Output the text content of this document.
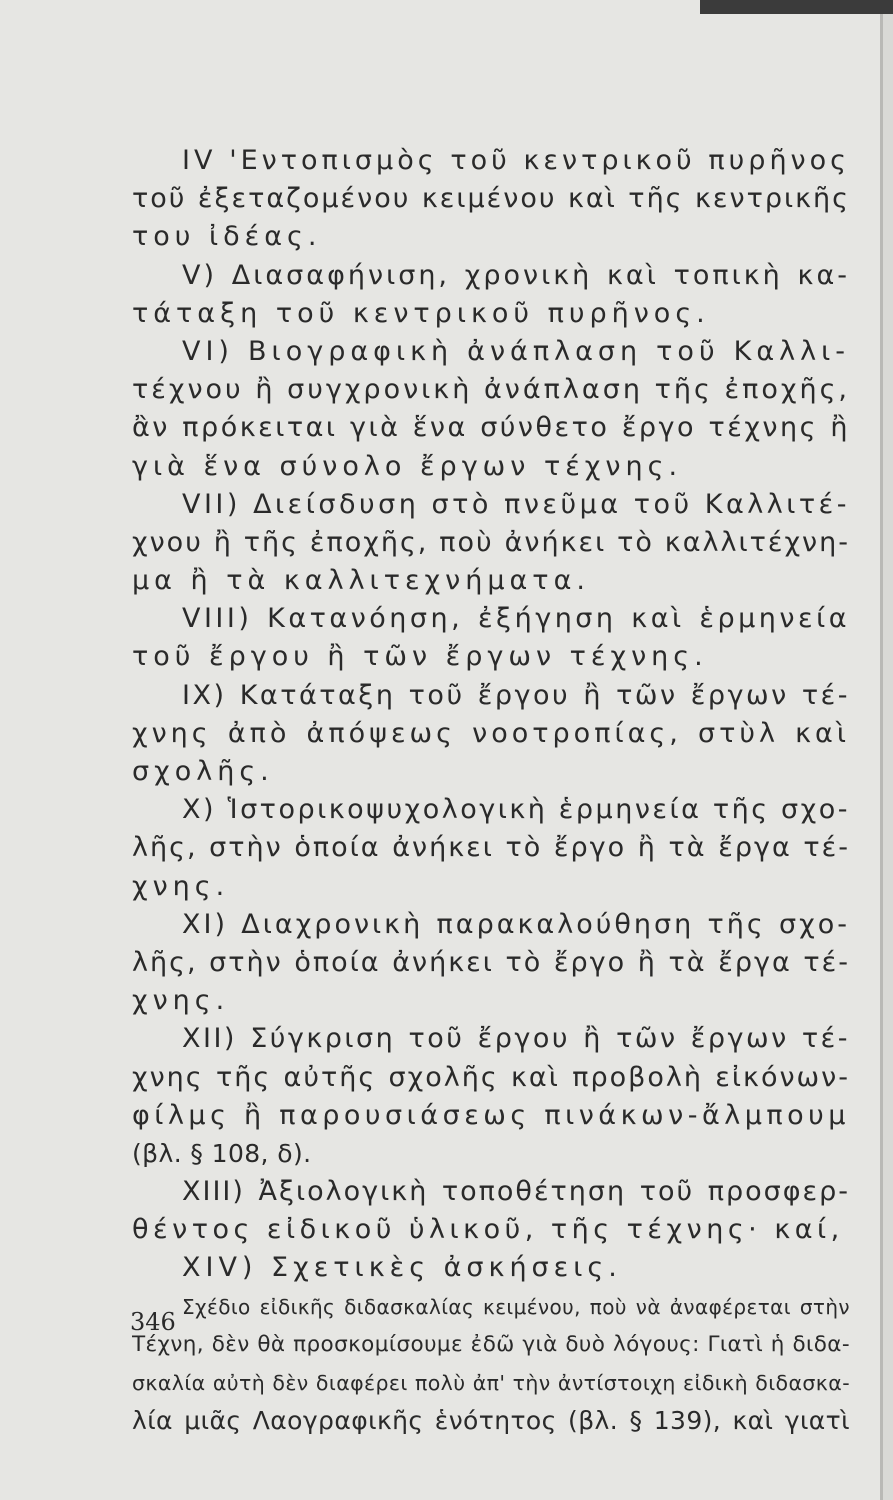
IV 'Εντοπισμὸς τοῦ κεντρικοῦ πυρῆνος
τοῦ ἐξεταζομένου κειμένου καὶ τῆς κεντρικῆς
του ἰδέας.
V) Διασαφήνιση, χρονικὴ καὶ τοπικὴ κα-
τάταξη τοῦ κεντρικοῦ πυρῆνος.
VI) Βιογραφικὴ ἀνάπλαση τοῦ Καλλι-
τέχνου ἢ συγχρονικὴ ἀνάπλαση τῆς ἐποχῆς,
ἂν πρόκειται γιὰ ἕνα σύνθετο ἔργο τέχνης ἢ
γιὰ ἕνα σύνολο ἔργων τέχνης.
VII) Διείσδυση στὸ πνεῦμα τοῦ Καλλιτέ-
χνου ἢ τῆς ἐποχῆς, ποὺ ἀνήκει τὸ καλλιτέχνη-
μα ἢ τὰ καλλιτεχνήματα.
VIII) Κατανόηση, ἐξήγηση καὶ ἑρμηνεία
τοῦ ἔργου ἢ τῶν ἔργων τέχνης.
IX) Κατάταξη τοῦ ἔργου ἢ τῶν ἔργων τέ-
χνης ἀπὸ ἀπόψεως νοοτροπίας, στὺλ καὶ
σχολῆς.
X) Ἱστορικοψυχολογικὴ ἑρμηνεία τῆς σχο-
λῆς, στὴν ὁποία ἀνήκει τὸ ἔργο ἢ τὰ ἔργα τέ-
χνης.
XI) Διαχρονικὴ παρακαλούθηση τῆς σχο-
λῆς, στὴν ὁποία ἀνήκει τὸ ἔργο ἢ τὰ ἔργα τέ-
χνης.
XII) Σύγκριση τοῦ ἔργου ἢ τῶν ἔργων τέ-
χνης τῆς αὐτῆς σχολῆς καὶ προβολὴ εἰκόνων-
φίλμς ἢ παρουσιάσεως πινάκων-ἄλμπουμ
(βλ. § 108, δ).
XIII) Ἀξιολογικὴ τοποθέτηση τοῦ προσφερ-
θέντος εἰδικοῦ ὑλικοῦ, τῆς τέχνης· καί,
XIV) Σχετικὲς ἀσκήσεις.
Σχέδιο εἰδικῆς διδασκαλίας κειμένου, ποὺ νὰ ἀναφέρεται στὴν
Τέχνη, δὲν θὰ προσκομίσουμε ἐδῶ γιὰ δυὸ λόγους: Γιατὶ ἡ διδα-
σκαλία αὐτὴ δὲν διαφέρει πολὺ ἀπ' τὴν ἀντίστοιχη εἰδικὴ διδασκα-
λία μιᾶς Λαογραφικῆς ἑνότητος (βλ. § 139), καὶ γιατὶ
346
